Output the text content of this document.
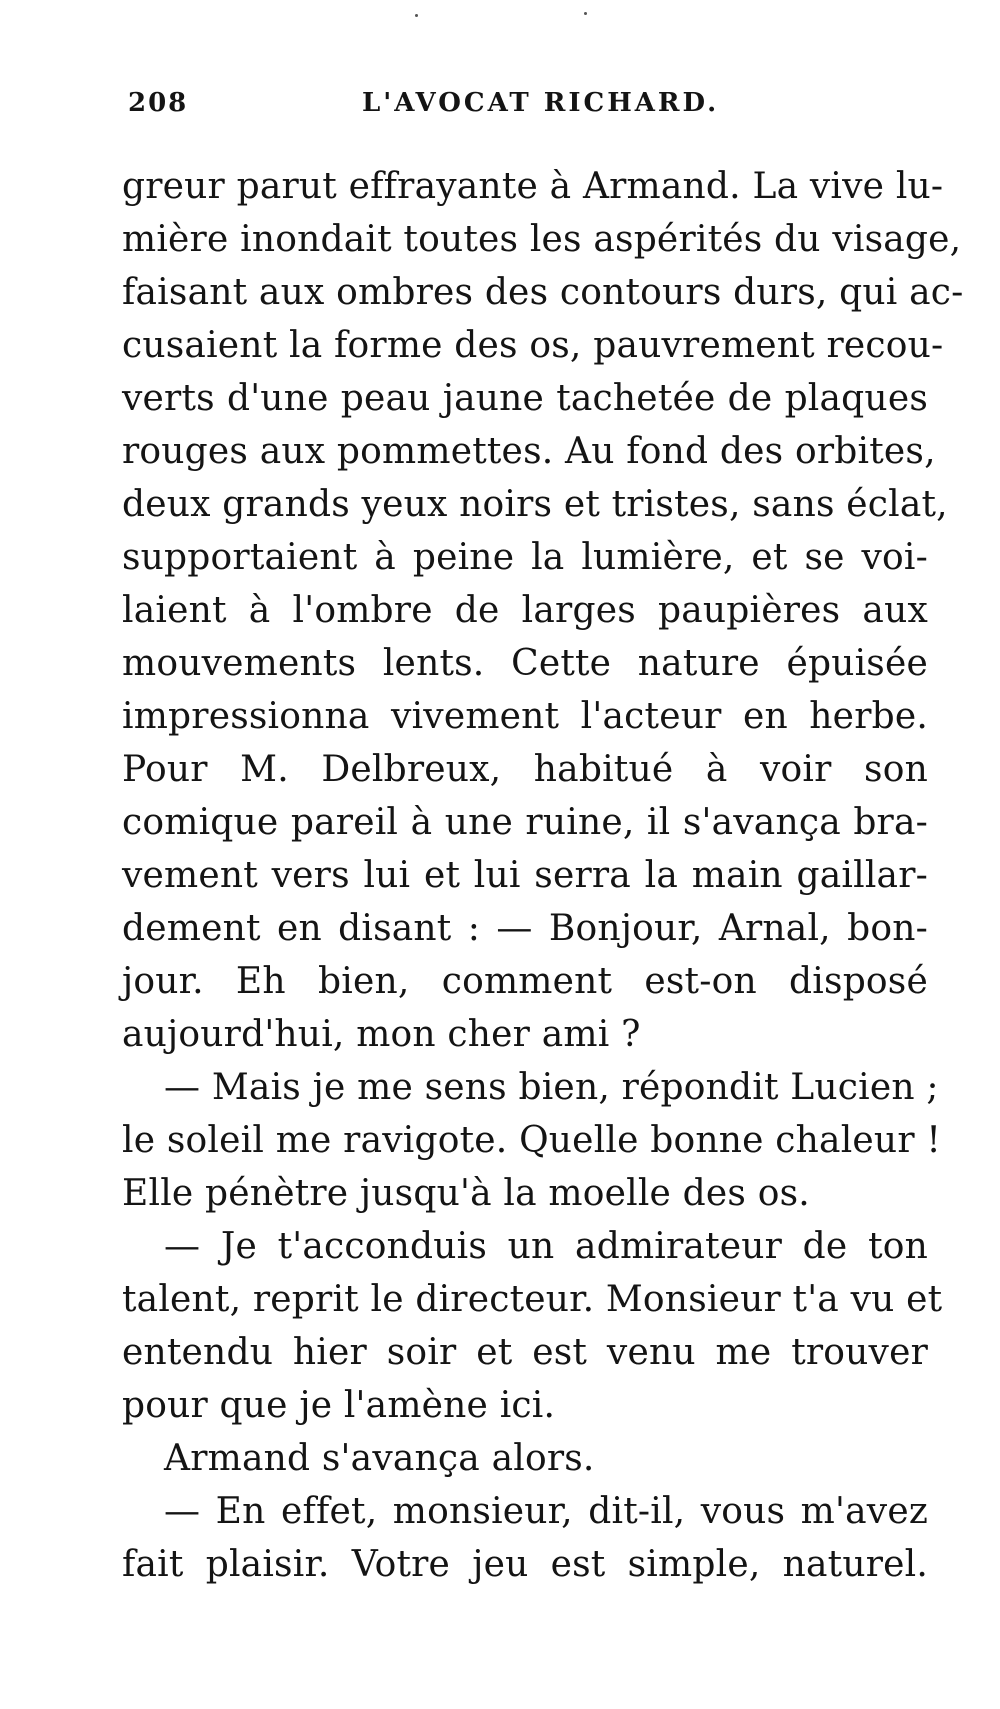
208	L'AVOCAT RICHARD.
greur parut effrayante à Armand. La vive lu-
mière inondait toutes les aspérités du visage,
faisant aux ombres des contours durs, qui ac-
cusaient la forme des os, pauvrement recou-
verts d'une peau jaune tachetée de plaques
rouges aux pommettes. Au fond des orbites,
deux grands yeux noirs et tristes, sans éclat,
supportaient à peine la lumière, et se voi-
laient à l'ombre de larges paupières aux
mouvements lents. Cette nature épuisée
impressionna vivement l'acteur en herbe.
Pour M. Delbreux, habitué à voir son
comique pareil à une ruine, il s'avança bra-
vement vers lui et lui serra la main gaillar-
dement en disant : — Bonjour, Arnal, bon-
jour. Eh bien, comment est-on disposé
aujourd'hui, mon cher ami ?
— Mais je me sens bien, répondit Lucien ;
le soleil me ravigote. Quelle bonne chaleur !
Elle pénètre jusqu'à la moelle des os.
— Je t'acconduis un admirateur de ton
talent, reprit le directeur. Monsieur t'a vu et
entendu hier soir et est venu me trouver
pour que je l'amène ici.
Armand s'avança alors.
— En effet, monsieur, dit-il, vous m'avez
fait plaisir. Votre jeu est simple, naturel.
